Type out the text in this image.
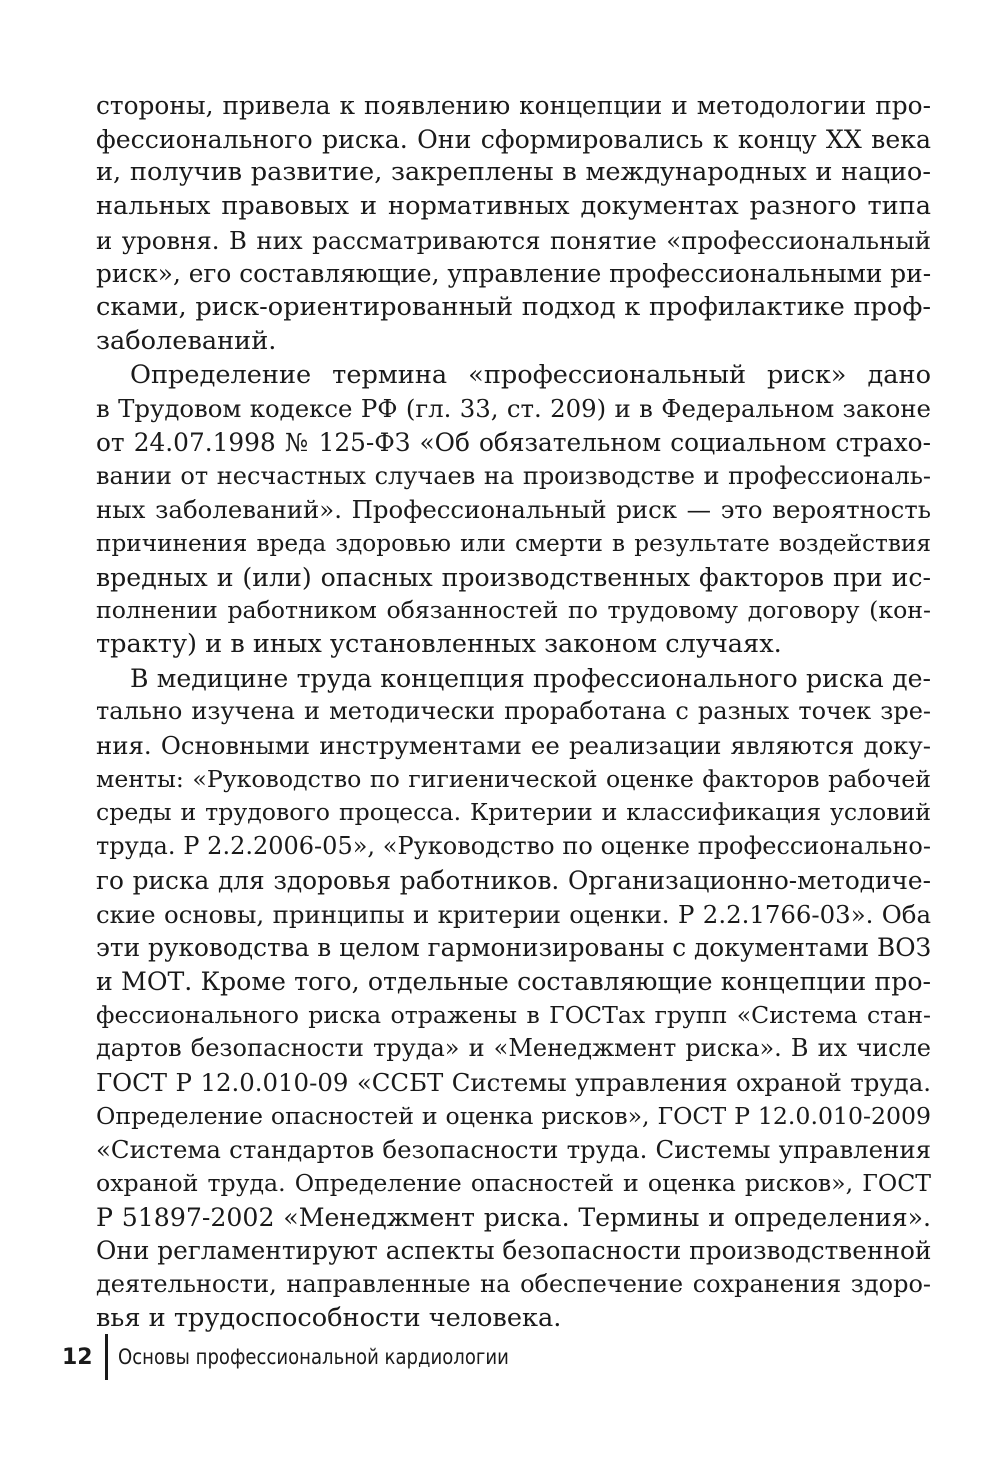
стороны, привела к появлению концепции и методологии про-
фессионального риска. Они сформировались к концу XX века
и, получив развитие, закреплены в международных и нацио-
нальных правовых и нормативных документах разного типа
и уровня. В них рассматриваются понятие «профессиональный
риск», его составляющие, управление профессиональными ри-
сками, риск-ориентированный подход к профилактике проф-
заболеваний.
Определение термина «профессиональный риск» дано
в Трудовом кодексе РФ (гл. 33, ст. 209) и в Федеральном законе
от 24.07.1998 № 125-ФЗ «Об обязательном социальном страхо-
вании от несчастных случаев на производстве и профессиональ-
ных заболеваний». Профессиональный риск — это вероятность
причинения вреда здоровью или смерти в результате воздействия
вредных и (или) опасных производственных факторов при ис-
полнении работником обязанностей по трудовому договору (кон-
тракту) и в иных установленных законом случаях.
В медицине труда концепция профессионального риска де-
тально изучена и методически проработана с разных точек зре-
ния. Основными инструментами ее реализации являются доку-
менты: «Руководство по гигиенической оценке факторов рабочей
среды и трудового процесса. Критерии и классификация условий
труда. Р 2.2.2006-05», «Руководство по оценке профессионально-
го риска для здоровья работников. Организационно-методиче-
ские основы, принципы и критерии оценки. Р 2.2.1766-03». Оба
эти руководства в целом гармонизированы с документами ВОЗ
и МОТ. Кроме того, отдельные составляющие концепции про-
фессионального риска отражены в ГОСТах групп «Система стан-
дартов безопасности труда» и «Менеджмент риска». В их числе
ГОСТ Р 12.0.010-09 «ССБТ Системы управления охраной труда.
Определение опасностей и оценка рисков», ГОСТ Р 12.0.010-2009
«Система стандартов безопасности труда. Системы управления
охраной труда. Определение опасностей и оценка рисков», ГОСТ
Р 51897-2002 «Менеджмент риска. Термины и определения».
Они регламентируют аспекты безопасности производственной
деятельности, направленные на обеспечение сохранения здоро-
вья и трудоспособности человека.
12 Основы профессиональной кардиологии
